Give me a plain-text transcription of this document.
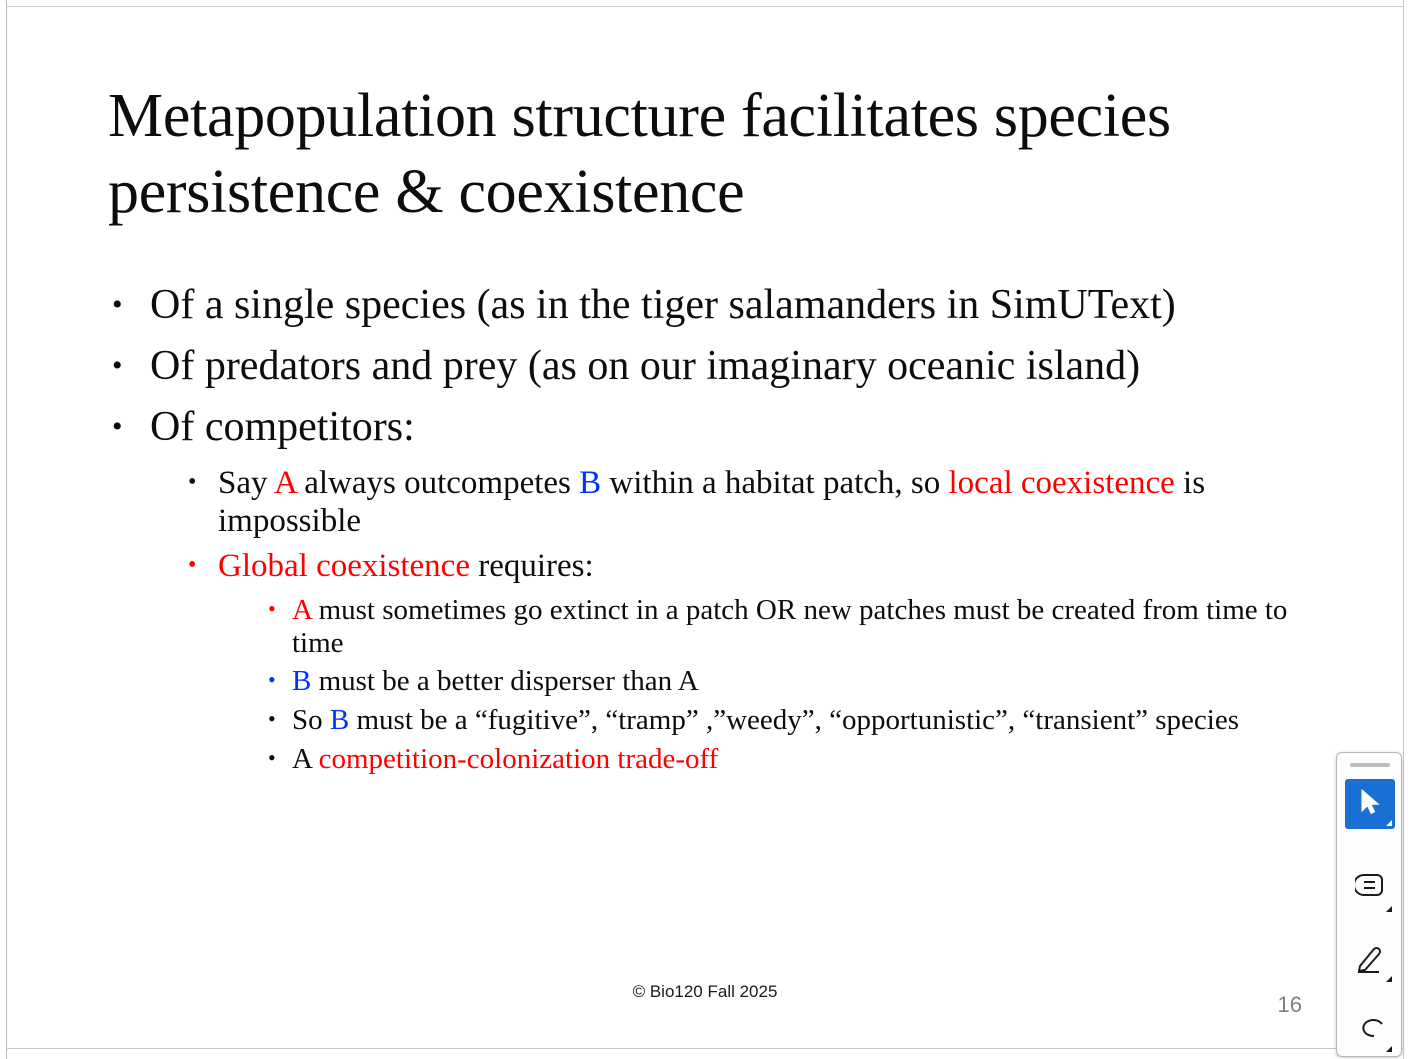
Metapopulation structure facilitates species persistence & coexistence
• Of a single species (as in the tiger salamanders in SimUText)
• Of predators and prey (as on our imaginary oceanic island)
• Of competitors:
• Say A always outcompetes B within a habitat patch, so local coexistence is impossible
• Global coexistence requires:
• A must sometimes go extinct in a patch OR new patches must be created from time to time
• B must be a better disperser than A
• So B must be a “fugitive”, “tramp” ,”weedy”, “opportunistic”, “transient” species
• A competition-colonization trade-off
© Bio120 Fall 2025
16
